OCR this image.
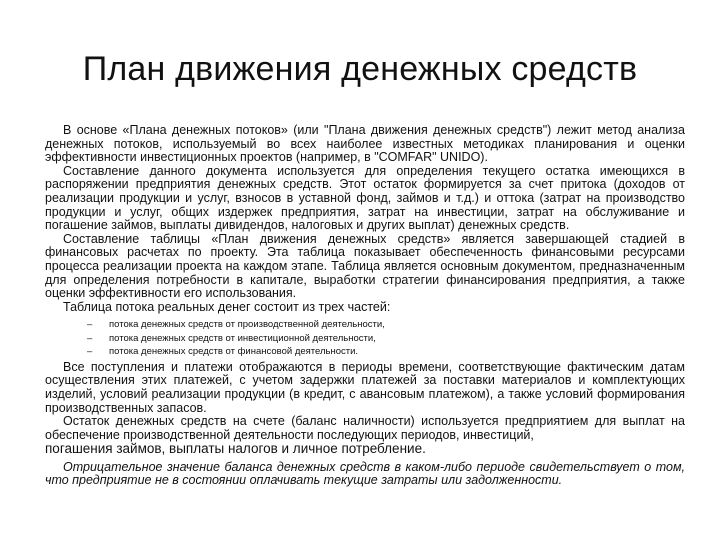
План движения денежных средств

В основе «Плана денежных потоков» (или "Плана движения денежных средств") лежит метод анализа денежных потоков, используемый во всех наиболее известных методиках планирования и оценки эффективности инвестиционных проектов (например, в "COMFAR" UNIDO).

Составление данного документа используется для определения текущего остатка имеющихся в распоряжении предприятия денежных средств. Этот остаток формируется за счет притока (доходов от реализации продукции и услуг, взносов в уставной фонд, займов и т.д.) и оттока (затрат на производство продукции и услуг, общих издержек предприятия, затрат на инвестиции, затрат на обслуживание и погашение займов, выплаты дивидендов, налоговых и других выплат) денежных средств.

Составление таблицы «План движения денежных средств» является завершающей стадией в финансовых расчетах по проекту. Эта таблица показывает обеспеченность финансовыми ресурсами процесса реализации проекта на каждом этапе. Таблица является основным документом, предназначенным для определения потребности в капитале, выработки стратегии финансирования предприятия, а также оценки эффективности его использования.

Таблица потока реальных денег состоит из трех частей:

– потока денежных средств от производственной деятельности,
– потока денежных средств от инвестиционной деятельности,
– потока денежных средств от финансовой деятельности.

Все поступления и платежи отображаются в периоды времени, соответствующие фактическим датам осуществления этих платежей, с учетом задержки платежей за поставки материалов и комплектующих изделий, условий реализации продукции (в кредит, с авансовым платежом), а также условий формирования производственных запасов.

Остаток денежных средств на счете (баланс наличности) используется предприятием для выплат на обеспечение производственной деятельности последующих периодов, инвестиций,

погашения займов, выплаты налогов и личное потребление.

Отрицательное значение баланса денежных средств в каком-либо периоде свидетельствует о том, что предприятие не в состоянии оплачивать текущие затраты или задолженности.
